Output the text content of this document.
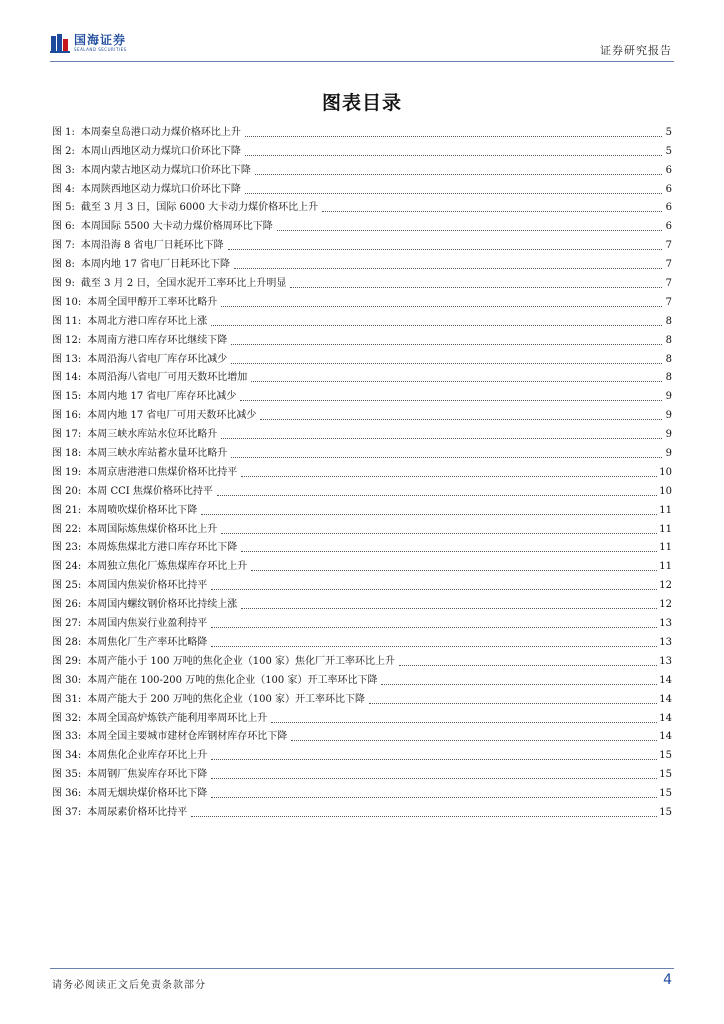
国海证券
SEALAND SECURITIES	证券研究报告
图表目录
图 1: 本周秦皇岛港口动力煤价格环比上升	5
图 2: 本周山西地区动力煤坑口价环比下降	5
图 3: 本周内蒙古地区动力煤坑口价环比下降	6
图 4: 本周陕西地区动力煤坑口价环比下降	6
图 5: 截至 3 月 3 日，国际 6000 大卡动力煤价格环比上升	6
图 6: 本周国际 5500 大卡动力煤价格周环比下降	6
图 7: 本周沿海 8 省电厂日耗环比下降	7
图 8: 本周内地 17 省电厂日耗环比下降	7
图 9: 截至 3 月 2 日，全国水泥开工率环比上升明显	7
图 10: 本周全国甲醇开工率环比略升	7
图 11: 本周北方港口库存环比上涨	8
图 12: 本周南方港口库存环比继续下降	8
图 13: 本周沿海八省电厂库存环比减少	8
图 14: 本周沿海八省电厂可用天数环比增加	8
图 15: 本周内地 17 省电厂库存环比减少	9
图 16: 本周内地 17 省电厂可用天数环比减少	9
图 17: 本周三峡水库站水位环比略升	9
图 18: 本周三峡水库站蓄水量环比略升	9
图 19: 本周京唐港港口焦煤价格环比持平	10
图 20: 本周 CCI 焦煤价格环比持平	10
图 21: 本周喷吹煤价格环比下降	11
图 22: 本周国际炼焦煤价格环比上升	11
图 23: 本周炼焦煤北方港口库存环比下降	11
图 24: 本周独立焦化厂炼焦煤库存环比上升	11
图 25: 本周国内焦炭价格环比持平	12
图 26: 本周国内螺纹钢价格环比持续上涨	12
图 27: 本周国内焦炭行业盈利持平	13
图 28: 本周焦化厂生产率环比略降	13
图 29: 本周产能小于 100 万吨的焦化企业（100 家）焦化厂开工率环比上升	13
图 30: 本周产能在 100-200 万吨的焦化企业（100 家）开工率环比下降	14
图 31: 本周产能大于 200 万吨的焦化企业（100 家）开工率环比下降	14
图 32: 本周全国高炉炼铁产能利用率周环比上升	14
图 33: 本周全国主要城市建材仓库钢材库存环比下降	14
图 34: 本周焦化企业库存环比上升	15
图 35: 本周钢厂焦炭库存环比下降	15
图 36: 本周无烟块煤价格环比下降	15
图 37: 本周尿素价格环比持平	15
请务必阅读正文后免责条款部分	4
